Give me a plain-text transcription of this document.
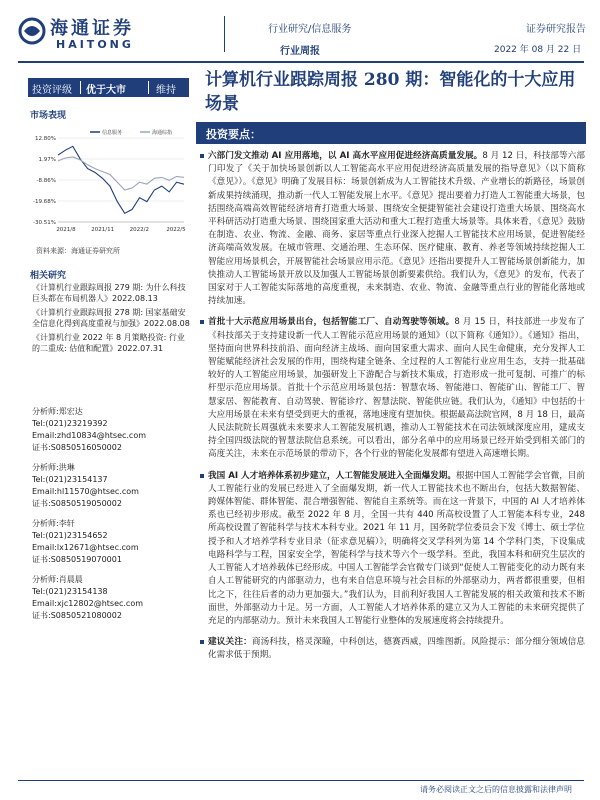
海通证券
HAITONG
行业研究/信息服务
行业周报
证券研究报告
2022 年 08 月 22 日
投资评级 优于大市	维持
市场表现
信息服务	海通综指
12.80%
1.97%
-8.86%
-19.68%
-30.51%
2021/8	2021/11	2022/2	2022/5
资料来源：海通证券研究所
相关研究
《计算机行业跟踪周报 279 期: 为什么科技巨头都在布局机器人》2022.08.13
《计算机行业跟踪周报 278 期: 国家基础安全信息化得到高度重视与加强》2022.08.08
《计算机行业 2022 年 8 月策略投资: 行业的二重成: 估值和配置》2022.07.31
分析师:郑宏达
Tel:(021)23219392
Email:zhd10834@htsec.com
证书:S0850516050002
分析师:洪琳
Tel:(021)23154137
Email:hl11570@htsec.com
证书:S0850519050002
分析师:李轩
Tel:(021)23154652
Email:lx12671@htsec.com
证书:S0850519070001
分析师:肖晨晨
Tel:(021)23154138
Email:xjc12802@htsec.com
证书:S0850521080002
计算机行业跟踪周报 280 期：智能化的十大应用场景
投资要点：
六部门发文推动 AI 应用落地，以 AI 高水平应用促进经济高质量发展。8 月 12 日，科技部等六部门印发了《关于加快场景创新以人工智能高水平应用促进经济高质量发展的指导意见》（以下简称《意见》）。《意见》明确了发展目标：场景创新成为人工智能技术升级、产业增长的新路径，场景创新成果持续涌现，推动新一代人工智能发展上水平。《意见》提出要着力打造人工智能重大场景，包括围绕高端高效智能经济培育打造重大场景、围绕安全便捷智能社会建设打造重大场景、围绕高水平科研活动打造重大场景、围绕国家重大活动和重大工程打造重大场景等。具体来看，《意见》鼓励在制造、农业、物流、金融、商务、家居等重点行业深入挖掘人工智能技术应用场景，促进智能经济高端高效发展。在城市管理、交通治理、生态环保、医疗健康、教育、养老等领域持续挖掘人工智能应用场景机会，开展智能社会场景应用示范。《意见》还指出要提升人工智能场景创新能力，加快推动人工智能场景开放以及加强人工智能场景创新要素供给。我们认为，《意见》的发布，代表了国家对于人工智能实际落地的高度重视，未来制造、农业、物流、金融等重点行业的智能化落地或持续加速。
首批十大示范应用场景出台，包括智能工厂、自动驾驶等领域。8 月 15 日，科技部进一步发布了《科技部关于支持建设新一代人工智能示范应用场景的通知》（以下简称《通知》）。《通知》指出，坚持面向世界科技前沿、面向经济主战场、面向国家重大需求、面向人民生命健康，充分发挥人工智能赋能经济社会发展的作用，围绕构建全链条、全过程的人工智能行业应用生态，支持一批基础较好的人工智能应用场景，加强研发上下游配合与新技术集成，打造形成一批可复制、可推广的标杆型示范应用场景。首批十个示范应用场景包括：智慧农场、智能港口、智能矿山、智能工厂、智慧家居、智能教育、自动驾驶、智能诊疗、智慧法院、智能供应链。我们认为，《通知》中包括的十大应用场景在未来有望受到更大的重视，落地速度有望加快。根据最高法院官网，8 月 18 日，最高人民法院院长周强就未来要求人工智能发展机遇，推动人工智能技术在司法领域深度应用，建成支持全国四级法院的智慧法院信息系统。可以看出，部分名单中的应用场景已经开始受到相关部门的高度关注，未来在示范场景的带动下，各个行业的智能化发展都有望进入高速增长期。
我国 AI 人才培养体系初步建立，人工智能发展进入全面爆发期。根据中国人工智能学会官微，目前人工智能行业的发展已经进入了全面爆发期，新一代人工智能技术也不断出台，包括大数据智能、跨媒体智能、群体智能、混合增强智能、智能自主系统等。而在这一背景下，中国的 AI 人才培养体系也已经初步形成。截至 2022 年 8 月，全国一共有 440 所高校设置了人工智能本科专业，248 所高校设置了智能科学与技术本科专业。2021 年 11 月，国务院学位委员会下发《博士、硕士学位授予和人才培养学科专业目录（征求意见稿）》，明确将交叉学科列为第 14 个学科门类，下设集成电路科学与工程，国家安全学，智能科学与技术等六个一级学科。至此，我国本科和研究生层次的人工智能人才培养载体已经形成。中国人工智能学会官微专门谈到“促使人工智能变化的动力既有来自人工智能研究的内部驱动力，也有来自信息环境与社会目标的外部驱动力，两者都很重要，但相比之下，往往后者的动力更加强大。”我们认为，目前利好我国人工智能发展的相关政策和技术不断面世，外部驱动力十足。另一方面，人工智能人才培养体系的建立又为人工智能的未来研究提供了充足的内部驱动力。预计未来我国人工智能行业整体的发展速度将会持续提升。
建议关注：商汤科技，格灵深瞳，中科创达，德赛西威，四维图新。风险提示：部分细分领域信息化需求低于预期。
请务必阅读正文之后的信息披露和法律声明
